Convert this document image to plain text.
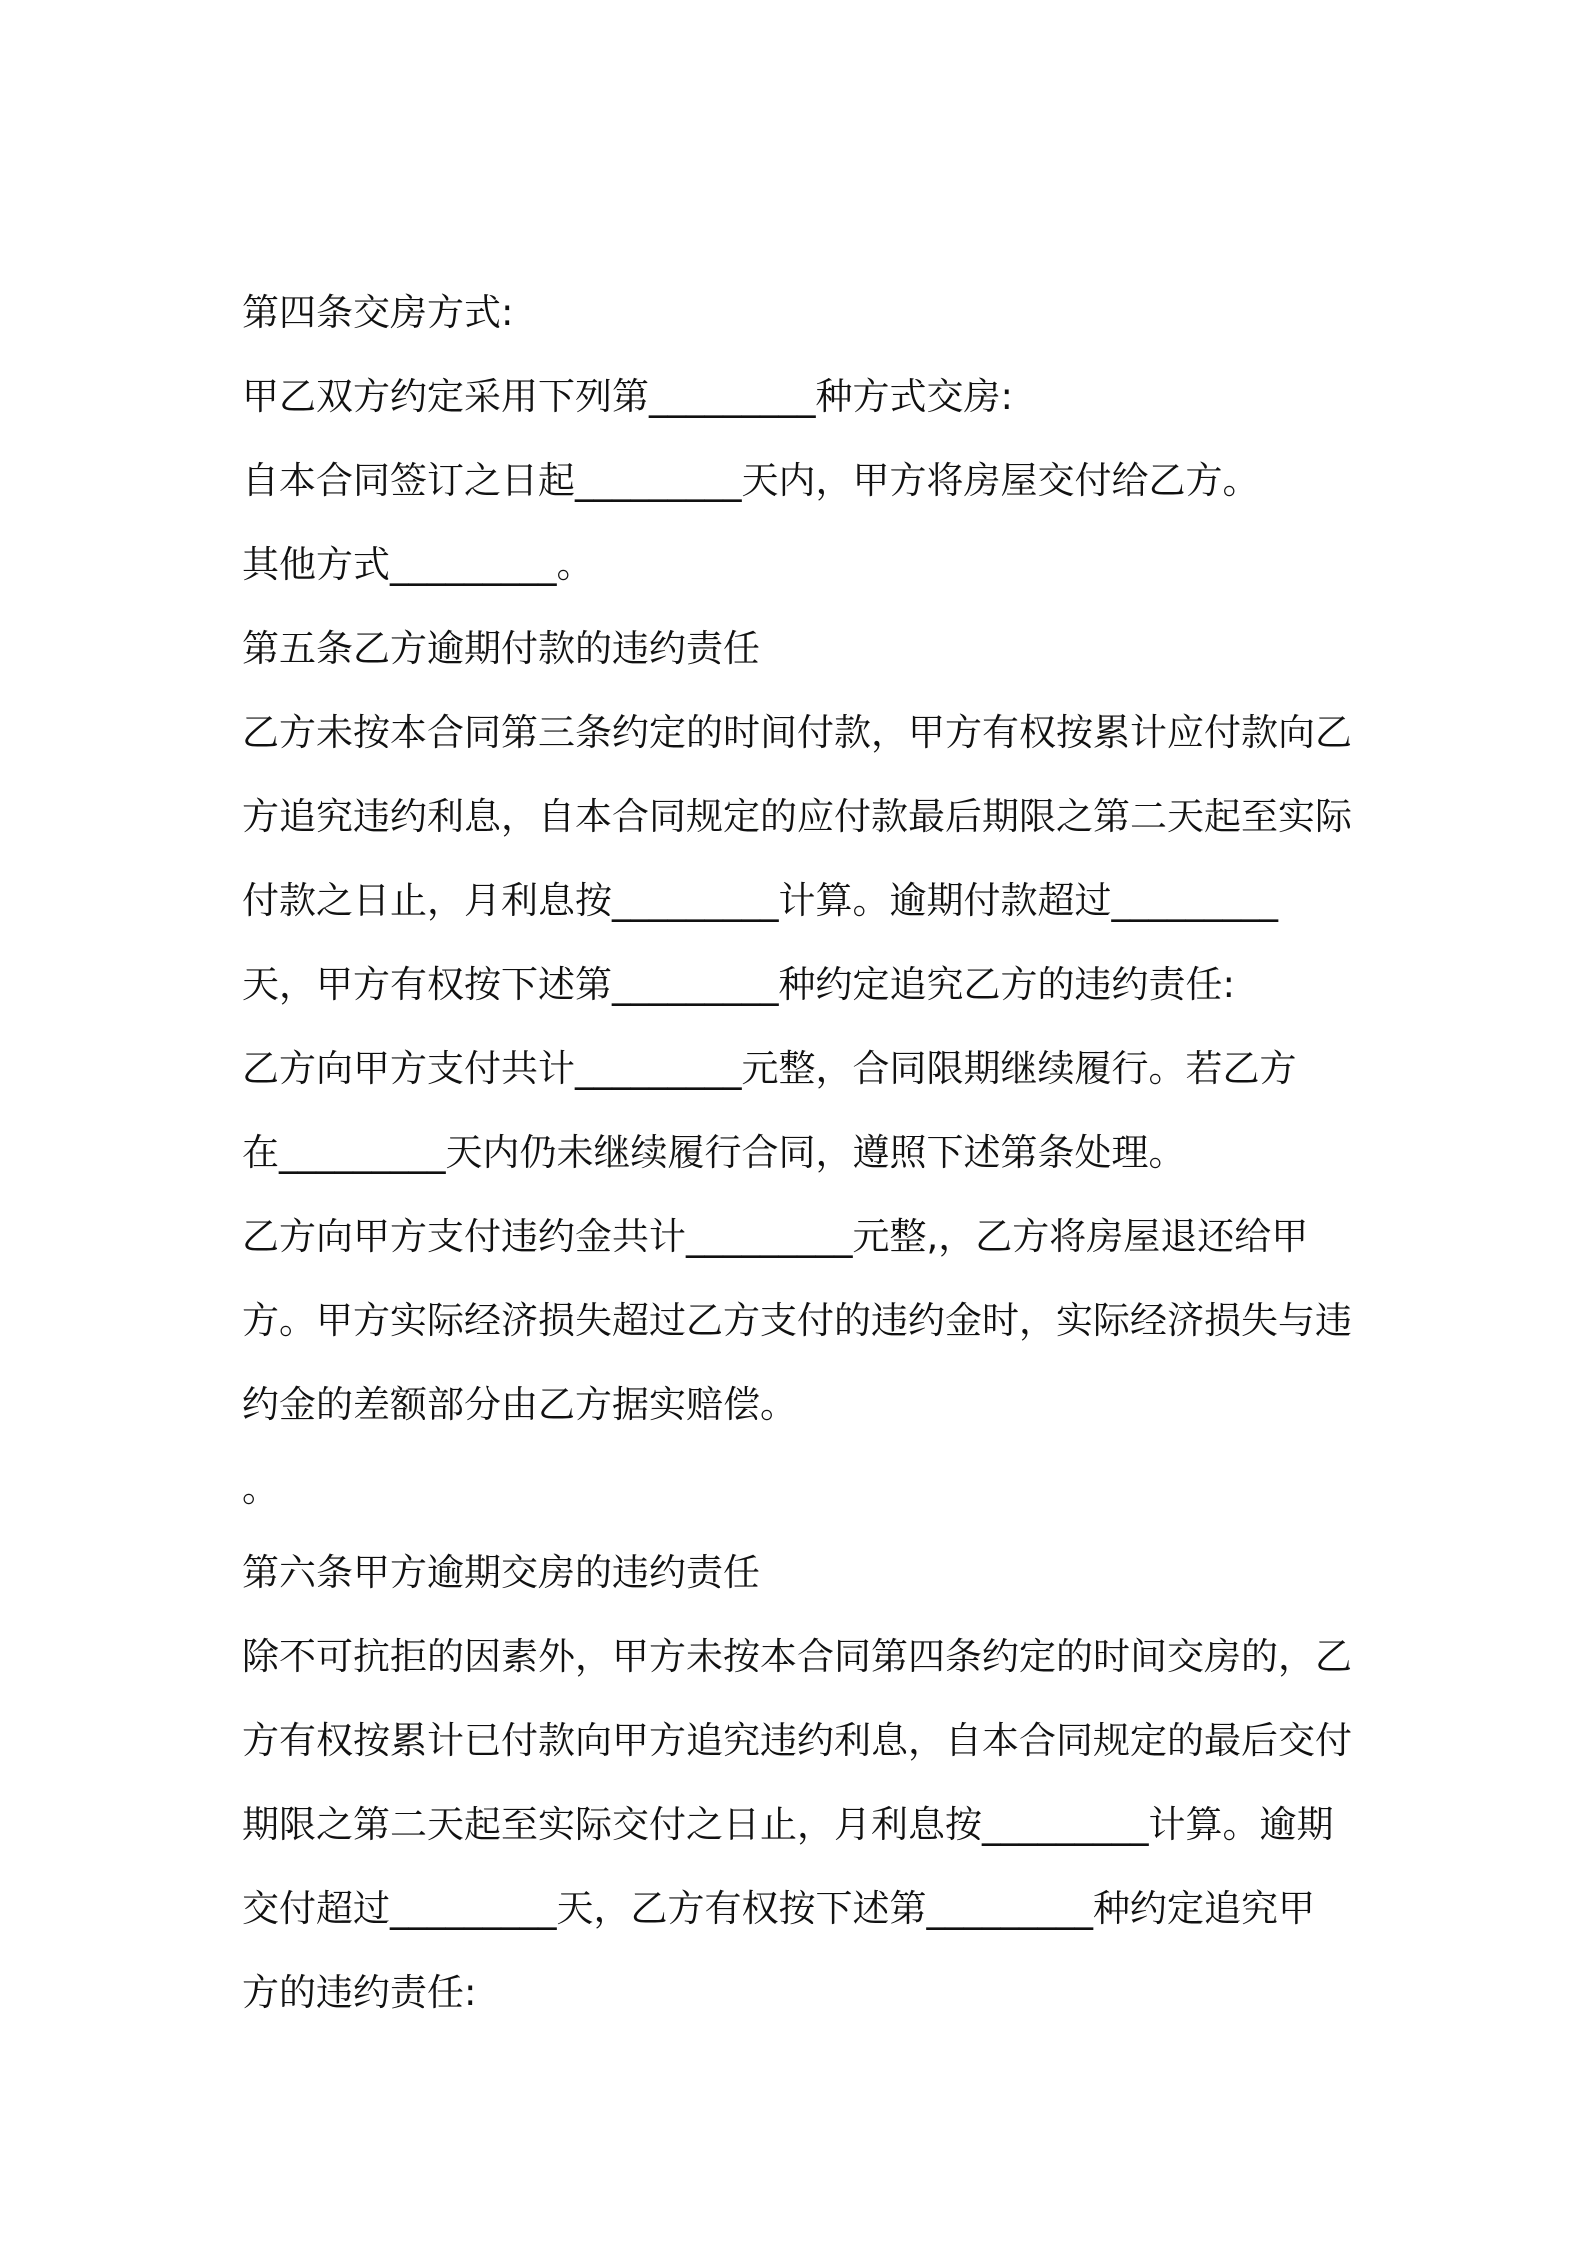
第四条交房方式:
甲乙双方约定采用下列第_________种方式交房:
自本合同签订之日起_________天内，甲方将房屋交付给乙方。
其他方式_________。
第五条乙方逾期付款的违约责任
乙方未按本合同第三条约定的时间付款，甲方有权按累计应付款向乙
方追究违约利息，自本合同规定的应付款最后期限之第二天起至实际
付款之日止，月利息按_________计算。逾期付款超过_________
天，甲方有权按下述第_________种约定追究乙方的违约责任:
乙方向甲方支付共计_________元整，合同限期继续履行。若乙方
在_________天内仍未继续履行合同，遵照下述第条处理。
乙方向甲方支付违约金共计_________元整,，乙方将房屋退还给甲
方。甲方实际经济损失超过乙方支付的违约金时，实际经济损失与违
约金的差额部分由乙方据实赔偿。
。
第六条甲方逾期交房的违约责任
除不可抗拒的因素外，甲方未按本合同第四条约定的时间交房的，乙
方有权按累计已付款向甲方追究违约利息，自本合同规定的最后交付
期限之第二天起至实际交付之日止，月利息按_________计算。逾期
交付超过_________天，乙方有权按下述第_________种约定追究甲
方的违约责任:
